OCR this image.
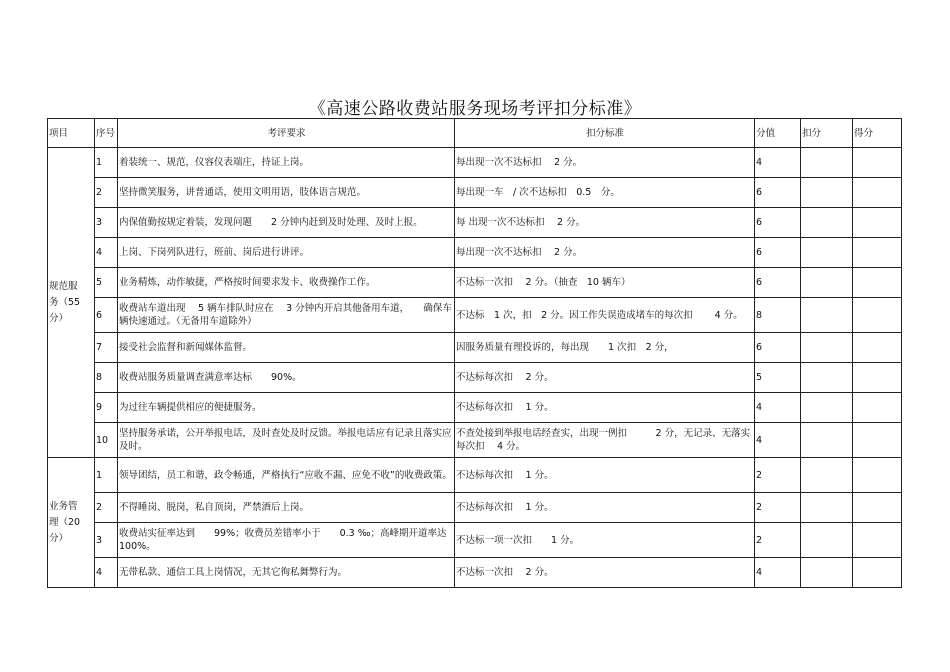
《高速公路收费站服务现场考评扣分标准》
项目	序号	考评要求	扣分标准	分值	扣分	得分
规范服
务（55
分）	1	着装统一、规范，仪容仪表端庄，持证上岗。	每出现一次不达标扣　 2 分。	4		
	2	坚持微笑服务，讲普通话，使用文明用语，肢体语言规范。	每出现一车　/ 次不达标扣　0.5　分。	6		
	3	内保值勤按规定着装，发现问题　　2 分钟内赶到及时处理、及时上报。	每 出现一次不达标扣　 2 分。	6		
	4	上岗、下岗列队进行，班前、岗后进行讲评。	每出现一次不达标扣　 2 分。	6		
	5	业务精炼，动作敏捷，严格按时间要求发卡、收费操作工作。	不达标一次扣　 2 分。（抽查　10 辆车）	6		
	6	收费站车道出现　 5 辆车排队时应在　 3 分钟内开启其他备用车道，　　确保车辆快速通过。（无备用车道除外）	不达标　1 次，扣　2 分。因工作失误造成堵车的每次扣　　 4 分。	8		
	7	接受社会监督和新闻媒体监督。	因服务质量有理投诉的，每出现　　1 次扣　2 分，	6		
	8	收费站服务质量调查满意率达标　　90%。	不达标每次扣　 2 分。	5		
	9	为过往车辆提供相应的便捷服务。	不达标每次扣　 1 分。	4		
	10	坚持服务承诺，公开举报电话，及时查处及时反馈。举报电话应有记录且落实应及时。	不查处接到举报电话经查实，出现一例扣　　　2 分，无记录、无落实每次扣　 4 分。	4		
业务管
理（20
分）	1	领导团结，员工和谐，政令畅通，严格执行“应收不漏、应免不收”的收费政策。	不达标每次扣　 1 分。	2		
	2	不得睡岗、脱岗，私自顶岗，严禁酒后上岗。	不达标每次扣　 1 分。	2		
	3	收费站实征率达到　　99%；收费员差错率小于　　0.3 ‰；高峰期开道率达100%。	不达标一项一次扣　　1 分。	2		
	4	无带私款、通信工具上岗情况，无其它徇私舞弊行为。	不达标一次扣　 2 分。	4		
